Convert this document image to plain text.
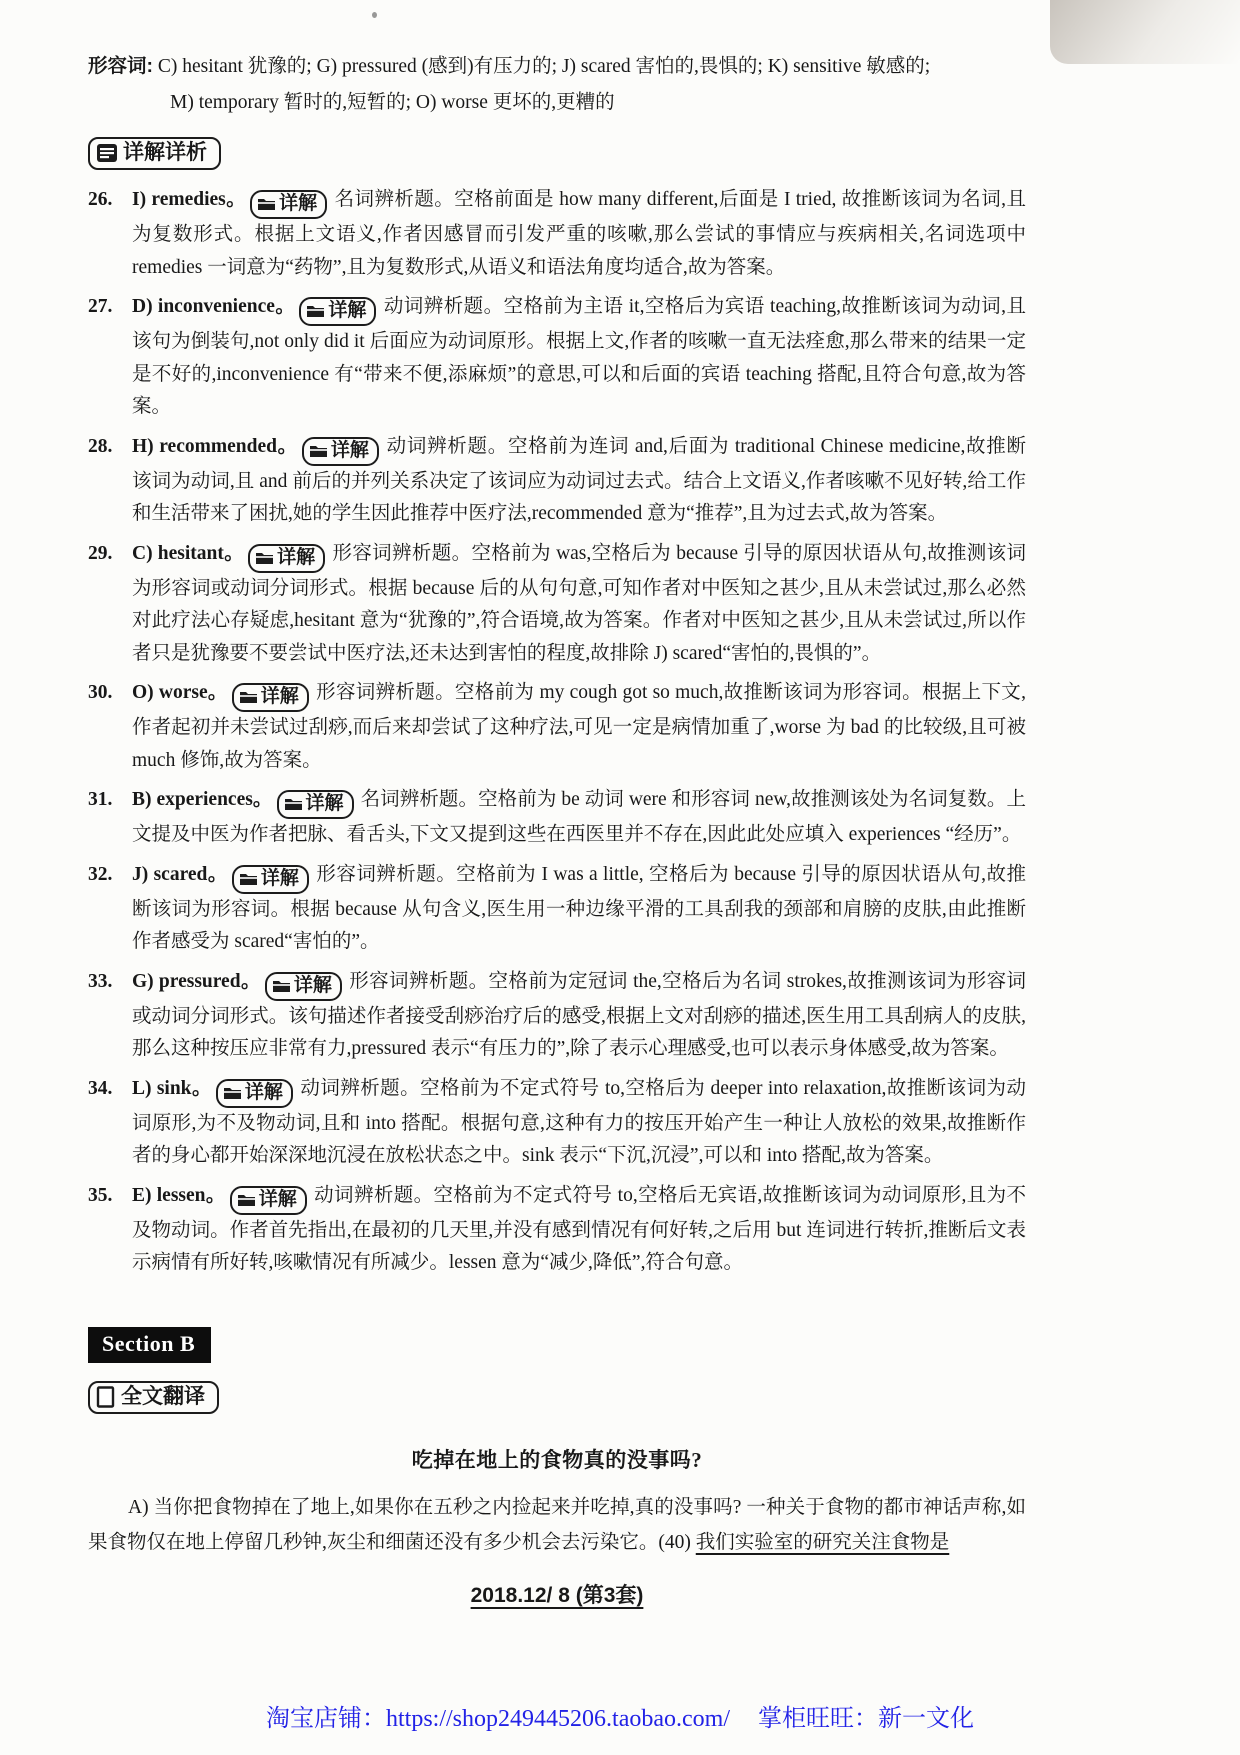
形容词: C) hesitant 犹豫的; G) pressured (感到)有压力的; J) scared 害怕的,畏惧的; K) sensitive 敏感的;
M) temporary 暂时的,短暂的; O) worse 更坏的,更糟的
详解详析
26. I) remedies。 详解 名词辨析题。空格前面是 how many different,后面是 I tried, 故推断该词为名词,且为复数形式。根据上文语义,作者因感冒而引发严重的咳嗽,那么尝试的事情应与疾病相关,名词选项中 remedies 一词意为“药物”,且为复数形式,从语义和语法角度均适合,故为答案。
27. D) inconvenience。 详解 动词辨析题。空格前为主语 it,空格后为宾语 teaching,故推断该词为动词,且该句为倒装句,not only did it 后面应为动词原形。根据上文,作者的咳嗽一直无法痊愈,那么带来的结果一定是不好的,inconvenience 有“带来不便,添麻烦”的意思,可以和后面的宾语 teaching 搭配,且符合句意,故为答案。
28. H) recommended。 详解 动词辨析题。空格前为连词 and,后面为 traditional Chinese medicine,故推断该词为动词,且 and 前后的并列关系决定了该词应为动词过去式。结合上文语义,作者咳嗽不见好转,给工作和生活带来了困扰,她的学生因此推荐中医疗法,recommended 意为“推荐”,且为过去式,故为答案。
29. C) hesitant。 详解 形容词辨析题。空格前为 was,空格后为 because 引导的原因状语从句,故推测该词为形容词或动词分词形式。根据 because 后的从句句意,可知作者对中医知之甚少,且从未尝试过,那么必然对此疗法心存疑虑,hesitant 意为“犹豫的”,符合语境,故为答案。作者对中医知之甚少,且从未尝试过,所以作者只是犹豫要不要尝试中医疗法,还未达到害怕的程度,故排除 J) scared“害怕的,畏惧的”。
30. O) worse。 详解 形容词辨析题。空格前为 my cough got so much,故推断该词为形容词。根据上下文,作者起初并未尝试过刮痧,而后来却尝试了这种疗法,可见一定是病情加重了,worse 为 bad 的比较级,且可被 much 修饰,故为答案。
31. B) experiences。 详解 名词辨析题。空格前为 be 动词 were 和形容词 new,故推测该处为名词复数。上文提及中医为作者把脉、看舌头,下文又提到这些在西医里并不存在,因此此处应填入 experiences “经历”。
32. J) scared。 详解 形容词辨析题。空格前为 I was a little, 空格后为 because 引导的原因状语从句,故推断该词为形容词。根据 because 从句含义,医生用一种边缘平滑的工具刮我的颈部和肩膀的皮肤,由此推断作者感受为 scared“害怕的”。
33. G) pressured。 详解 形容词辨析题。空格前为定冠词 the,空格后为名词 strokes,故推测该词为形容词或动词分词形式。该句描述作者接受刮痧治疗后的感受,根据上文对刮痧的描述,医生用工具刮病人的皮肤,那么这种按压应非常有力,pressured 表示“有压力的”,除了表示心理感受,也可以表示身体感受,故为答案。
34. L) sink。 详解 动词辨析题。空格前为不定式符号 to,空格后为 deeper into relaxation,故推断该词为动词原形,为不及物动词,且和 into 搭配。根据句意,这种有力的按压开始产生一种让人放松的效果,故推断作者的身心都开始深深地沉浸在放松状态之中。sink 表示“下沉,沉浸”,可以和 into 搭配,故为答案。
35. E) lessen。 详解 动词辨析题。空格前为不定式符号 to,空格后无宾语,故推断该词为动词原形,且为不及物动词。作者首先指出,在最初的几天里,并没有感到情况有何好转,之后用 but 连词进行转折,推断后文表示病情有所好转,咳嗽情况有所减少。lessen 意为“减少,降低”,符合句意。
Section B
全文翻译
吃掉在地上的食物真的没事吗?

A) 当你把食物掉在了地上,如果你在五秒之内捡起来并吃掉,真的没事吗? 一种关于食物的都市神话声称,如果食物仅在地上停留几秒钟,灰尘和细菌还没有多少机会去污染它。(40) 我们实验室的研究关注食物是

2018.12/ 8 (第3套)
淘宝店铺：https://shop249445206.taobao.com/ 掌柜旺旺：新一文化
